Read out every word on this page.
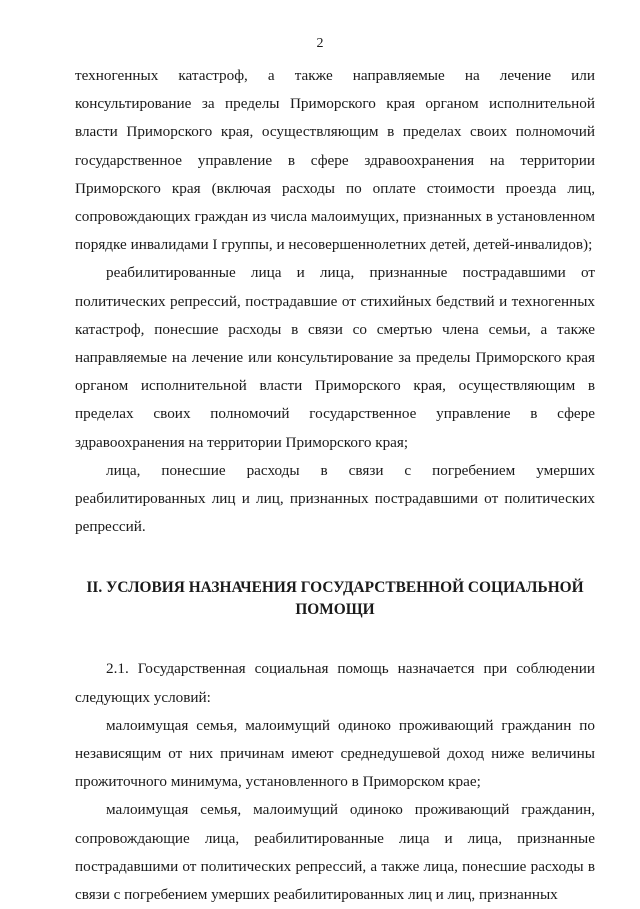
2

техногенных катастроф, а также направляемые на лечение или консультирование за пределы Приморского края органом исполнительной власти Приморского края, осуществляющим в пределах своих полномочий государственное управление в сфере здравоохранения на территории Приморского края (включая расходы по оплате стоимости проезда лиц, сопровождающих граждан из числа малоимущих, признанных в установленном порядке инвалидами I группы, и несовершеннолетних детей, детей-инвалидов);

реабилитированные лица и лица, признанные пострадавшими от политических репрессий, пострадавшие от стихийных бедствий и техногенных катастроф, понесшие расходы в связи со смертью члена семьи, а также направляемые на лечение или консультирование за пределы Приморского края органом исполнительной власти Приморского края, осуществляющим в пределах своих полномочий государственное управление в сфере здравоохранения на территории Приморского края;

лица, понесшие расходы в связи с погребением умерших реабилитированных лиц и лиц, признанных пострадавшими от политических репрессий.

II. УСЛОВИЯ НАЗНАЧЕНИЯ ГОСУДАРСТВЕННОЙ СОЦИАЛЬНОЙ ПОМОЩИ

2.1. Государственная социальная помощь назначается при соблюдении следующих условий:

малоимущая семья, малоимущий одиноко проживающий гражданин по независящим от них причинам имеют среднедушевой доход ниже величины прожиточного минимума, установленного в Приморском крае;

малоимущая семья, малоимущий одиноко проживающий гражданин, сопровождающие лица, реабилитированные лица и лица, признанные пострадавшими от политических репрессий, а также лица, понесшие расходы в связи с погребением умерших реабилитированных лиц и лиц, признанных
